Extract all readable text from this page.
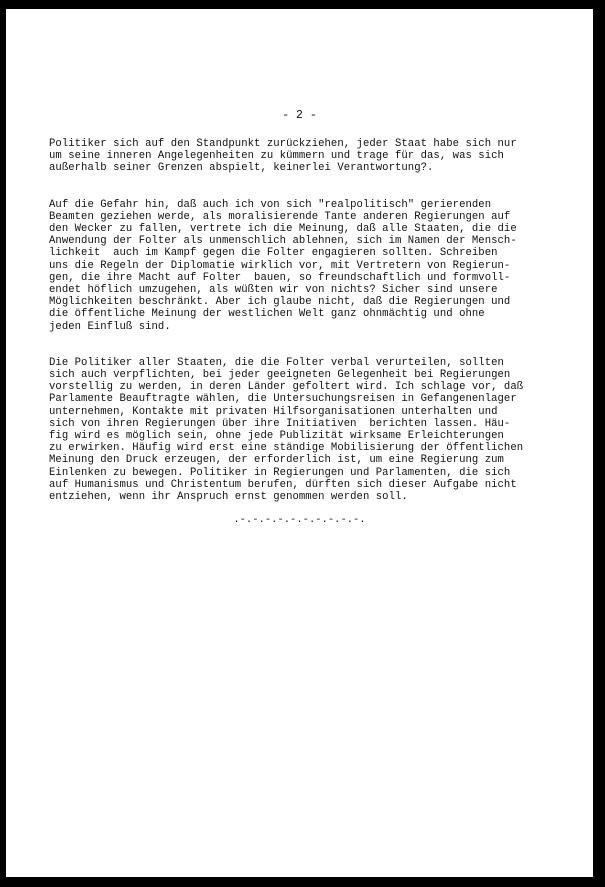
- 2 -
Politiker sich auf den Standpunkt zurückziehen, jeder Staat habe sich nur
um seine inneren Angelegenheiten zu kümmern und trage für das, was sich
außerhalb seiner Grenzen abspielt, keinerlei Verantwortung?.
Auf die Gefahr hin, daß auch ich von sich "realpolitisch" gerierenden
Beamten geziehen werde, als moralisierende Tante anderen Regierungen auf
den Wecker zu fallen, vertrete ich die Meinung, daß alle Staaten, die die
Anwendung der Folter als unmenschlich ablehnen, sich im Namen der Mensch-
lichkeit  auch im Kampf gegen die Folter engagieren sollten. Schreiben
uns die Regeln der Diplomatie wirklich vor, mit Vertretern von Regierun-
gen, die ihre Macht auf Folter  bauen, so freundschaftlich und formvoll-
endet höflich umzugehen, als wüßten wir von nichts? Sicher sind unsere
Möglichkeiten beschränkt. Aber ich glaube nicht, daß die Regierungen und
die öffentliche Meinung der westlichen Welt ganz ohnmächtig und ohne
jeden Einfluß sind.
Die Politiker aller Staaten, die die Folter verbal verurteilen, sollten
sich auch verpflichten, bei jeder geeigneten Gelegenheit bei Regierungen
vorstellig zu werden, in deren Länder gefoltert wird. Ich schlage vor, daß
Parlamente Beauftragte wählen, die Untersuchungsreisen in Gefangenenlager
unternehmen, Kontakte mit privaten Hilfsorganisationen unterhalten und
sich von ihren Regierungen über ihre Initiativen  berichten lassen. Häu-
fig wird es möglich sein, ohne jede Publizität wirksame Erleichterungen
zu erwirken. Häufig wird erst eine ständige Mobilisierung der öffentlichen
Meinung den Druck erzeugen, der erforderlich ist, um eine Regierung zum
Einlenken zu bewegen. Politiker in Regierungen und Parlamenten, die sich
auf Humanismus und Christentum berufen, dürften sich dieser Aufgabe nicht
entziehen, wenn ihr Anspruch ernst genommen werden soll.
.-.-.-.-.-.-.-.-.-.-.
